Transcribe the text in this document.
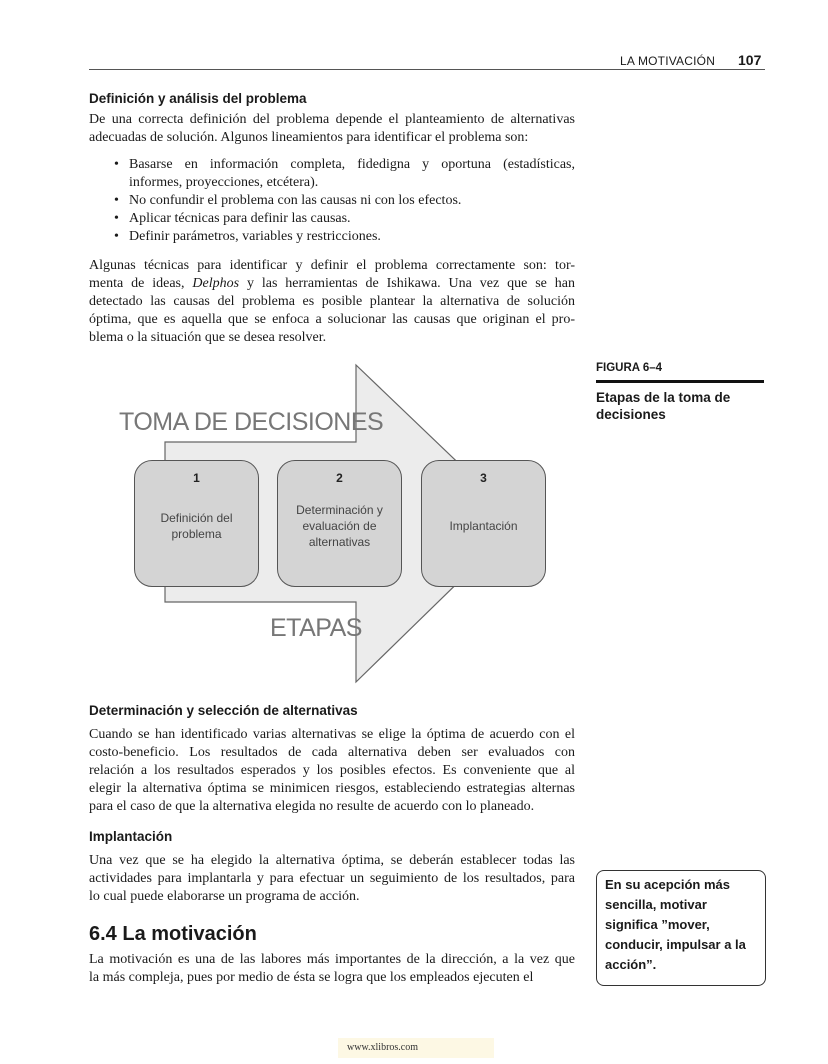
LA MOTIVACIÓN 107
Definición y análisis del problema
De una correcta definición del problema depende el planteamiento de alternativas
adecuadas de solución. Algunos lineamientos para identificar el problema son:
• Basarse en información completa, fidedigna y oportuna (estadísticas,
informes, proyecciones, etcétera).
• No confundir el problema con las causas ni con los efectos.
• Aplicar técnicas para definir las causas.
• Definir parámetros, variables y restricciones.
Algunas técnicas para identificar y definir el problema correctamente son: tor-
menta de ideas, Delphos y las herramientas de Ishikawa. Una vez que se han
detectado las causas del problema es posible plantear la alternativa de solución
óptima, que es aquella que se enfoca a solucionar las causas que originan el pro-
blema o la situación que se desea resolver.
TOMA DE DECISIONES
ETAPAS
1
Definición del problema
2
Determinación y evaluación de alternativas
3
Implantación
FIGURA 6–4
Etapas de la toma de decisiones
Determinación y selección de alternativas
Cuando se han identificado varias alternativas se elige la óptima de acuerdo con el
costo-beneficio. Los resultados de cada alternativa deben ser evaluados con
relación a los resultados esperados y los posibles efectos. Es conveniente que al
elegir la alternativa óptima se minimicen riesgos, estableciendo estrategias alternas
para el caso de que la alternativa elegida no resulte de acuerdo con lo planeado.
Implantación
Una vez que se ha elegido la alternativa óptima, se deberán establecer todas las
actividades para implantarla y para efectuar un seguimiento de los resultados, para
lo cual puede elaborarse un programa de acción.
6.4 La motivación
La motivación es una de las labores más importantes de la dirección, a la vez que
la más compleja, pues por medio de ésta se logra que los empleados ejecuten el
En su acepción más sencilla, motivar significa ”mover, conducir, impulsar a la acción”.
www.xlibros.com
